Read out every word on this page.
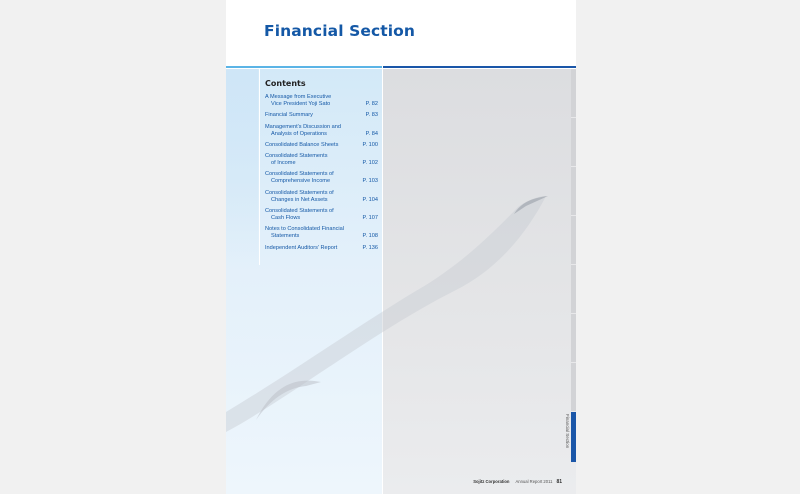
Financial Section
Contents
A Message from Executive
Vice President Yoji Sato	P. 82
Financial Summary	P. 83
Management's Discussion and
Analysis of Operations	P. 84
Consolidated Balance Sheets	P. 100
Consolidated Statements
of Income	P. 102
Consolidated Statements of
Comprehensive Income	P. 103
Consolidated Statements of
Changes in Net Assets	P. 104
Consolidated Statements of
Cash Flows	P. 107
Notes to Consolidated Financial
Statements	P. 108
Independent Auditors' Report	P. 136
Financial Section
Sojitz Corporation Annual Report 2011 81
